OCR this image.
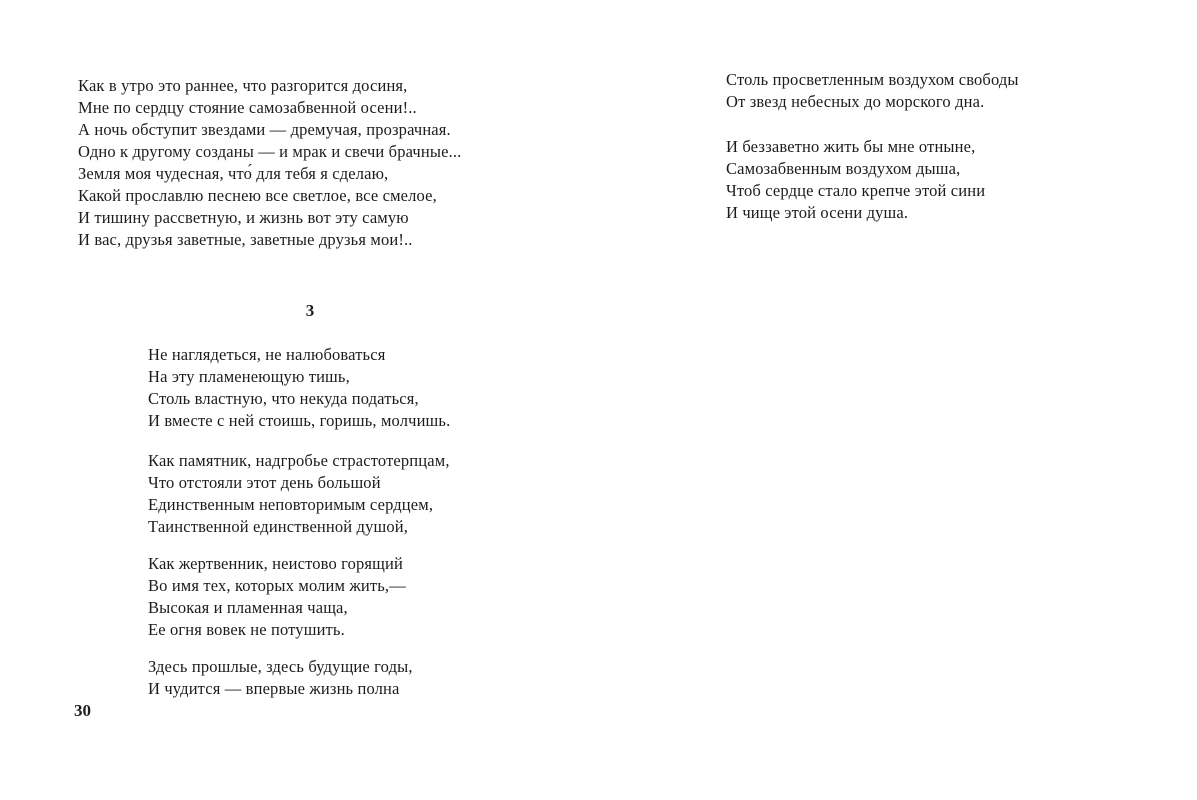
Как в утро это раннее, что разгорится досиня,
Мне по сердцу стояние самозабвенной осени!..
А ночь обступит звездами — дремучая, прозрачная.
Одно к другому созданы — и мрак и свечи брачные...
Земля моя чудесная, что́ для тебя я сделаю,
Какой прославлю песнею все светлое, все смелое,
И тишину рассветную, и жизнь вот эту самую
И вас, друзья заветные, заветные друзья мои!..
3
Не наглядеться, не налюбоваться
На эту пламенеющую тишь,
Столь властную, что некуда податься,
И вместе с ней стоишь, горишь, молчишь.
Как памятник, надгробье страстотерпцам,
Что отстояли этот день большой
Единственным неповторимым сердцем,
Таинственной единственной душой,
Как жертвенник, неистово горящий
Во имя тех, которых молим жить,—
Высокая и пламенная чаща,
Ее огня вовек не потушить.
Здесь прошлые, здесь будущие годы,
И чудится — впервые жизнь полна
30
Столь просветленным воздухом свободы
От звезд небесных до морского дна.
И беззаветно жить бы мне отныне,
Самозабвенным воздухом дыша,
Чтоб сердце стало крепче этой сини
И чище этой осени душа.
